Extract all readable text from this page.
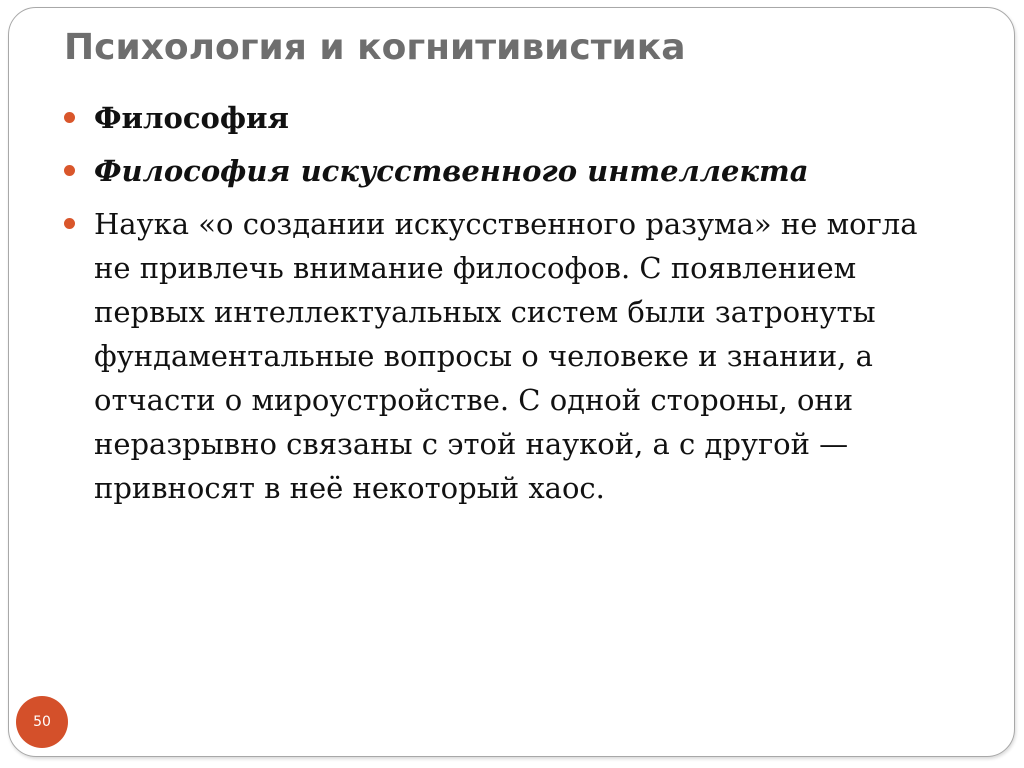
Психология и когнитивистика
Философия
Философия искусственного интеллекта
Наука «о создании искусственного разума» не могла не привлечь внимание философов. С появлением первых интеллектуальных систем были затронуты фундаментальные вопросы о человеке и знании, а отчасти о мироустройстве. С одной стороны, они неразрывно связаны с этой наукой, а с другой — привносят в неё некоторый хаос.
50
